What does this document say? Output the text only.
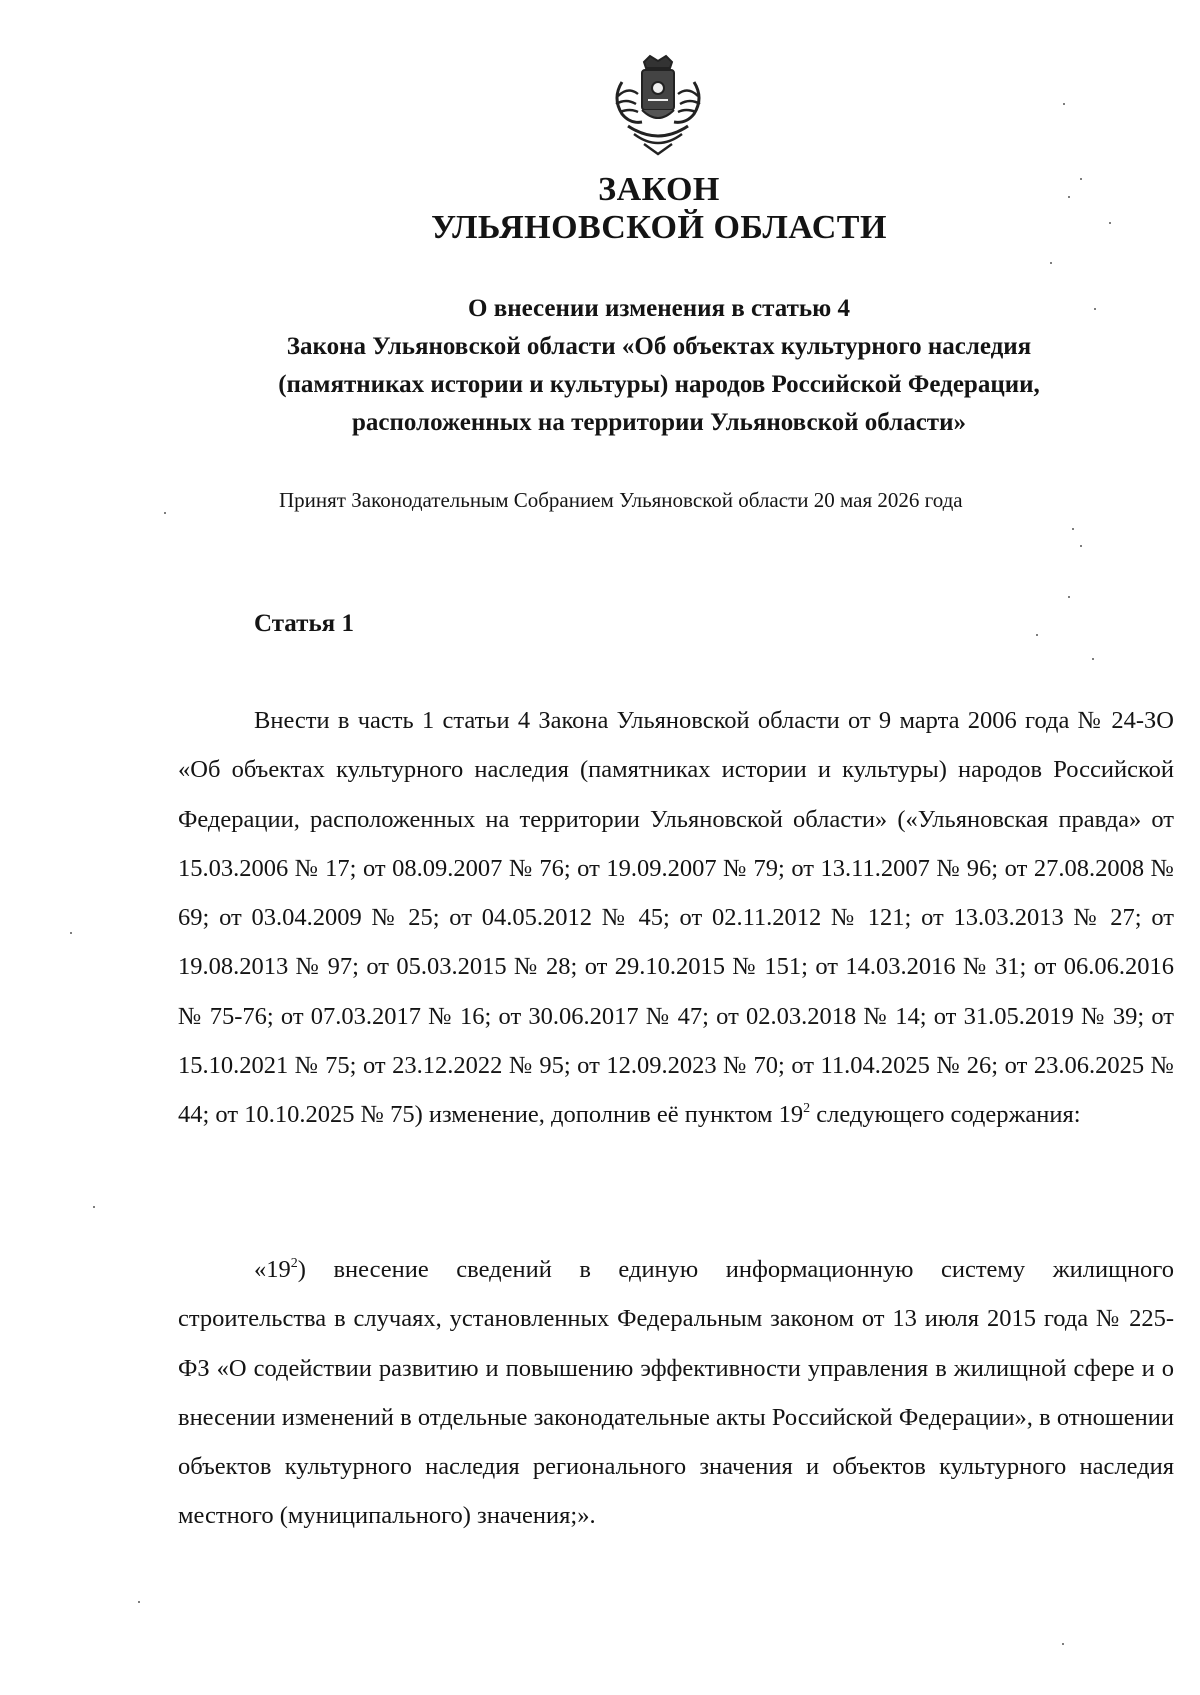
ЗАКОН
УЛЬЯНОВСКОЙ ОБЛАСТИ
О внесении изменения в статью 4
Закона Ульяновской области «Об объектах культурного наследия
(памятниках истории и культуры) народов Российской Федерации,
расположенных на территории Ульяновской области»
Принят Законодательным Собранием Ульяновской области 20 мая 2026 года
Статья 1
Внести в часть 1 статьи 4 Закона Ульяновской области от 9 марта 2006 года № 24-ЗО «Об объектах культурного наследия (памятниках истории и культуры) народов Российской Федерации, расположенных на территории Ульяновской области» («Ульяновская правда» от 15.03.2006 № 17; от 08.09.2007 № 76; от 19.09.2007 № 79; от 13.11.2007 № 96; от 27.08.2008 № 69; от 03.04.2009 № 25; от 04.05.2012 № 45; от 02.11.2012 № 121; от 13.03.2013 № 27; от 19.08.2013 № 97; от 05.03.2015 № 28; от 29.10.2015 № 151; от 14.03.2016 № 31; от 06.06.2016 № 75-76; от 07.03.2017 № 16; от 30.06.2017 № 47; от 02.03.2018 № 14; от 31.05.2019 № 39; от 15.10.2021 № 75; от 23.12.2022 № 95; от 12.09.2023 № 70; от 11.04.2025 № 26; от 23.06.2025 № 44; от 10.10.2025 № 75) изменение, дополнив её пунктом $19^2$ следующего содержания:
«$19^2$) внесение сведений в единую информационную систему жилищного строительства в случаях, установленных Федеральным законом от 13 июля 2015 года № 225-ФЗ «О содействии развитию и повышению эффективности управления в жилищной сфере и о внесении изменений в отдельные законодательные акты Российской Федерации», в отношении объектов культурного наследия регионального значения и объектов культурного наследия местного (муниципального) значения;».
